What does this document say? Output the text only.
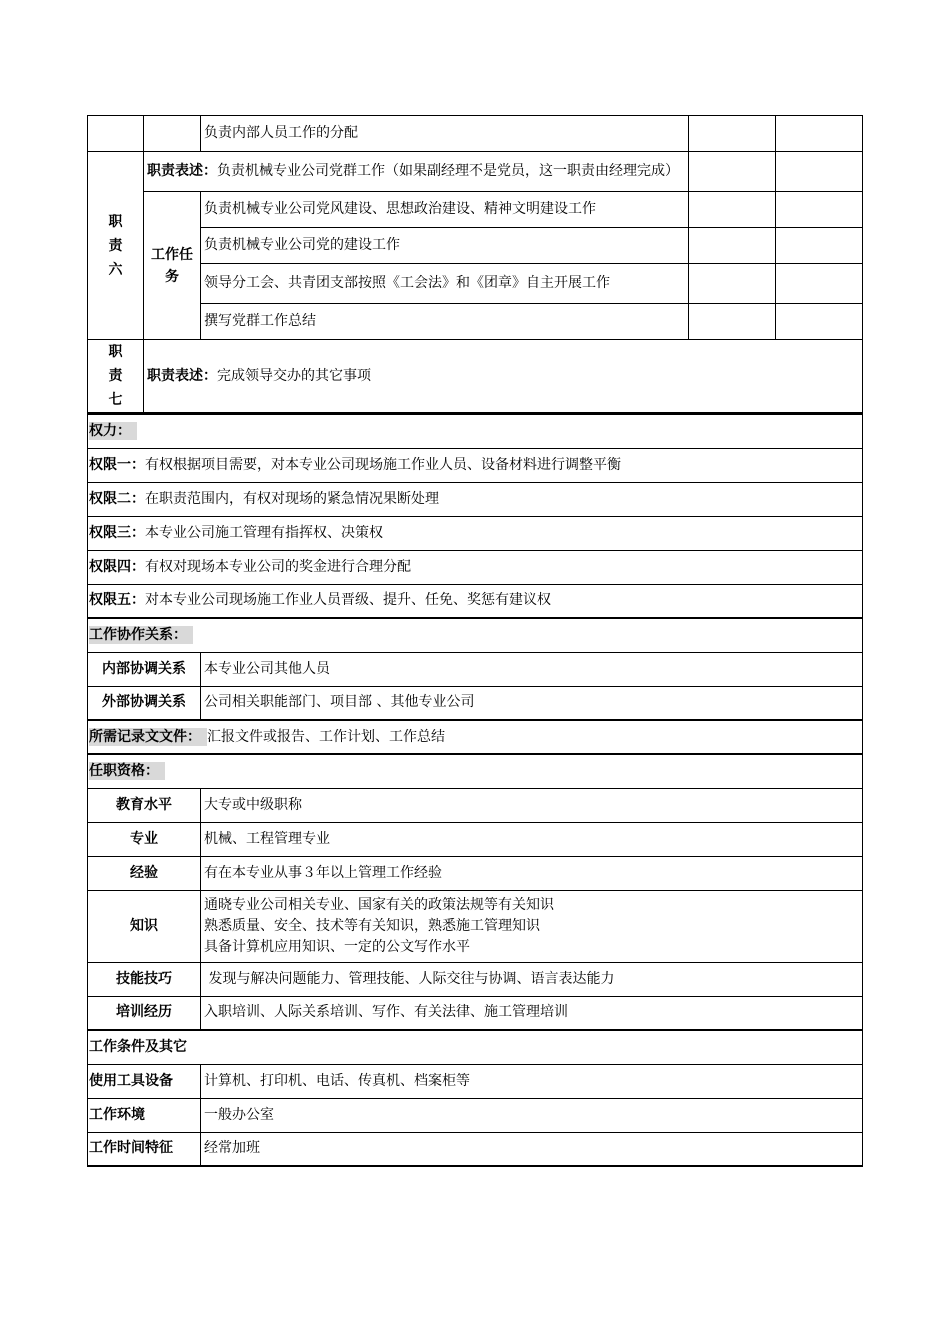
		负责内部人员工作的分配		
职
责
六	职责表述：负责机械专业公司党群工作（如果副经理不是党员，这一职责由经理完成）			
	工作任务	负责机械专业公司党风建设、思想政治建设、精神文明建设工作		
		负责机械专业公司党的建设工作		
		领导分工会、共青团支部按照《工会法》和《团章》自主开展工作		
		撰写党群工作总结		
职
责
七	职责表述：完成领导交办的其它事项			
权力：	
权限一：有权根据项目需要，对本专业公司现场施工作业人员、设备材料进行调整平衡	
权限二：在职责范围内，有权对现场的紧急情况果断处理	
权限三：本专业公司施工管理有指挥权、决策权	
权限四：有权对现场本专业公司的奖金进行合理分配	
权限五：对本专业公司现场施工作业人员晋级、提升、任免、奖惩有建议权	
工作协作关系：	
内部协调关系	本专业公司其他人员
外部协调关系	公司相关职能部门、项目部 、其他专业公司
所需记录文文件： 汇报文件或报告、工作计划、工作总结	
任职资格：	
教育水平	大专或中级职称
专业	机械、工程管理专业
经验	有在本专业从事３年以上管理工作经验
知识	通晓专业公司相关专业、国家有关的政策法规等有关知识
熟悉质量、安全、技术等有关知识，熟悉施工管理知识
具备计算机应用知识、一定的公文写作水平

技能技巧	发现与解决问题能力、管理技能、人际交往与协调、语言表达能力
培训经历	入职培训、人际关系培训、写作、有关法律、施工管理培训
工作条件及其它	
使用工具设备	计算机、打印机、电话、传真机、档案柜等
工作环境	一般办公室
工作时间特征	经常加班
